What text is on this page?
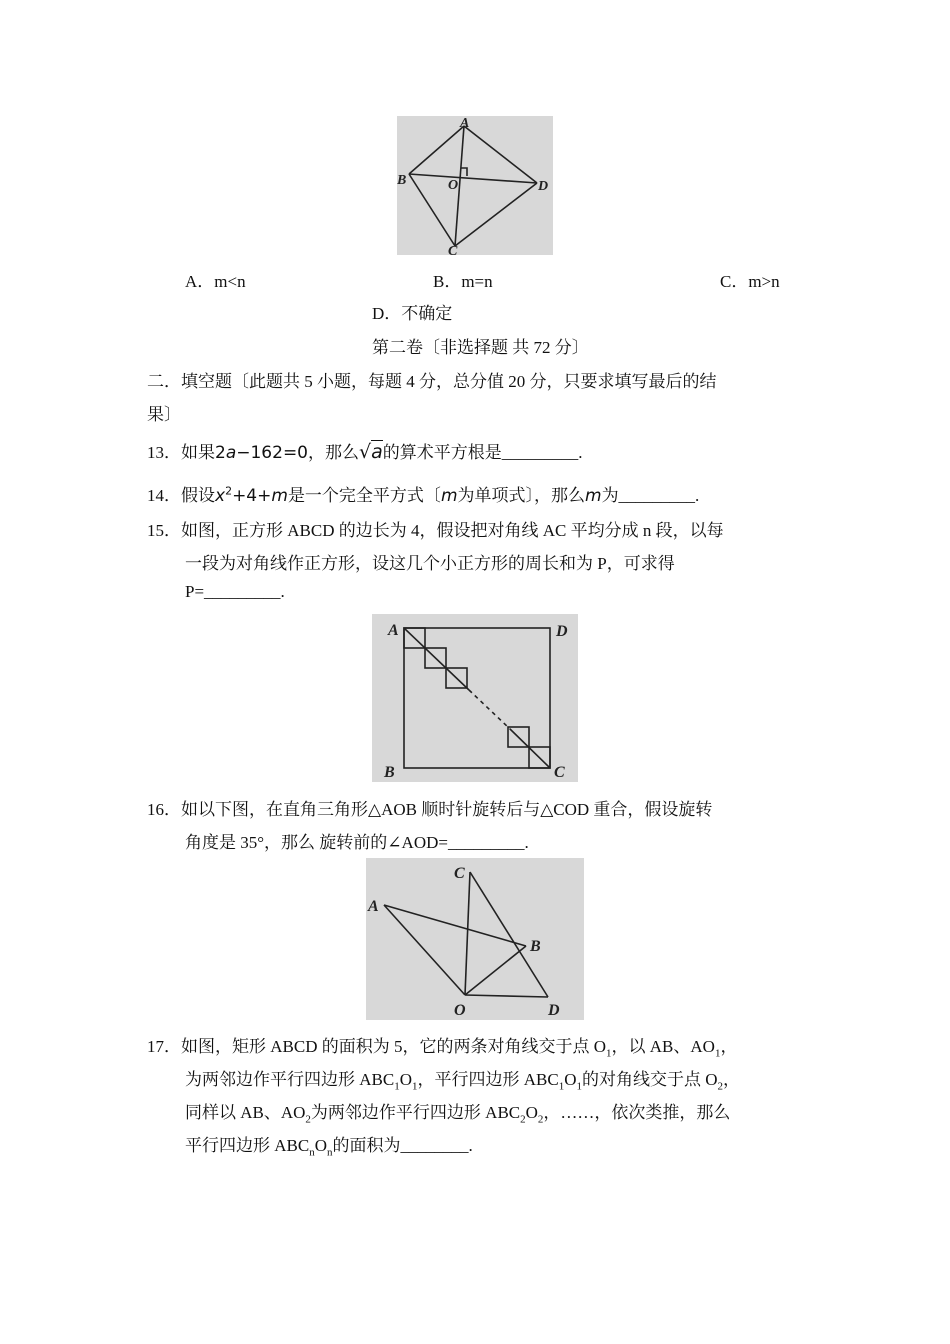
A
B	O	D
C
A．m<n	B．m=n	C．m>n
D．不确定
第二卷〔非选择题 共 72 分〕
二．填空题〔此题共 5 小题，每题 4 分，总分值 20 分，只要求填写最后的结
果〕
13．如果2a−162=0，那么√a的算术平方根是_________.
14．假设$x^2+4+m$是一个完全平方式〔m为单项式〕，那么m为_________.
15．如图，正方形 ABCD 的边长为 4，假设把对角线 AC 平均分成 n 段，以每
一段为对角线作正方形，设这几个小正方形的周长和为 P，可求得
P=_________.
A	D
B	C
16．如以下图，在直角三角形△AOB 顺时针旋转后与△COD 重合，假设旋转
角度是 35°，那么 旋转前的∠AOD=_________.
C
A
B
O	D
17．如图，矩形 ABCD 的面积为 5，它的两条对角线交于点 $O_1$，以 AB、$AO_1$，
为两邻边作平行四边形 $ABC_1O_1$，平行四边形 $ABC_1O_1$的对角线交于点 $O_2$，
同样以 AB、$AO_2$为两邻边作平行四边形 $ABC_2O_2$，……，依次类推，那么
平行四边形 $ABC_nO_n$的面积为________.
